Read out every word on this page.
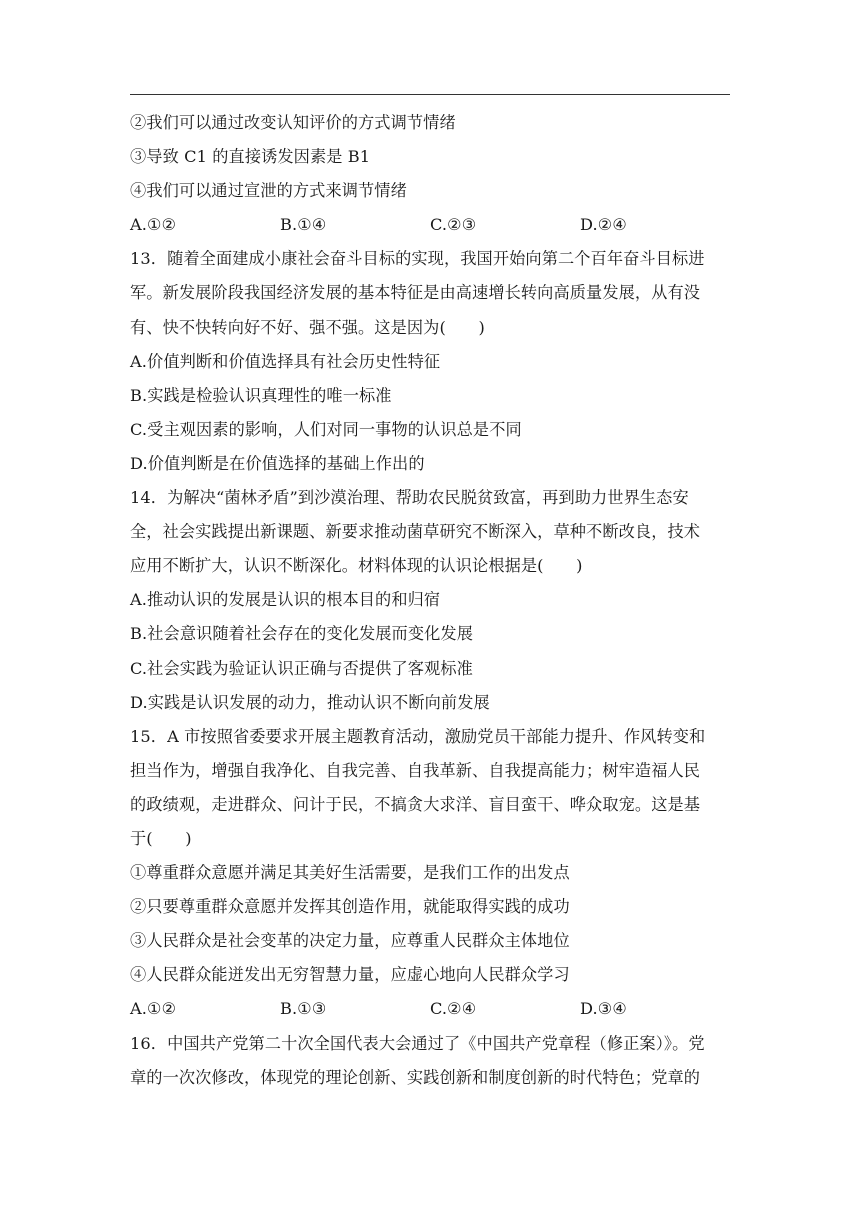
②我们可以通过改变认知评价的方式调节情绪
③导致 C1 的直接诱发因素是 B1
④我们可以通过宣泄的方式来调节情绪
A.①②	B.①④	C.②③	D.②④
13．随着全面建成小康社会奋斗目标的实现，我国开始向第二个百年奋斗目标进
军。新发展阶段我国经济发展的基本特征是由高速增长转向高质量发展，从有没
有、快不快转向好不好、强不强。这是因为(　　)
A.价值判断和价值选择具有社会历史性特征
B.实践是检验认识真理性的唯一标准
C.受主观因素的影响，人们对同一事物的认识总是不同
D.价值判断是在价值选择的基础上作出的
14．为解决“菌林矛盾”到沙漠治理、帮助农民脱贫致富，再到助力世界生态安
全，社会实践提出新课题、新要求推动菌草研究不断深入，草种不断改良，技术
应用不断扩大，认识不断深化。材料体现的认识论根据是(　　)
A.推动认识的发展是认识的根本目的和归宿
B.社会意识随着社会存在的变化发展而变化发展
C.社会实践为验证认识正确与否提供了客观标准
D.实践是认识发展的动力，推动认识不断向前发展
15．A 市按照省委要求开展主题教育活动，激励党员干部能力提升、作风转变和
担当作为，增强自我净化、自我完善、自我革新、自我提高能力；树牢造福人民
的政绩观，走进群众、问计于民，不搞贪大求洋、盲目蛮干、哗众取宠。这是基
于(　　)
①尊重群众意愿并满足其美好生活需要，是我们工作的出发点
②只要尊重群众意愿并发挥其创造作用，就能取得实践的成功
③人民群众是社会变革的决定力量，应尊重人民群众主体地位
④人民群众能迸发出无穷智慧力量，应虚心地向人民群众学习
A.①②	B.①③	C.②④	D.③④
16．中国共产党第二十次全国代表大会通过了《中国共产党章程（修正案）》。党
章的一次次修改，体现党的理论创新、实践创新和制度创新的时代特色；党章的
